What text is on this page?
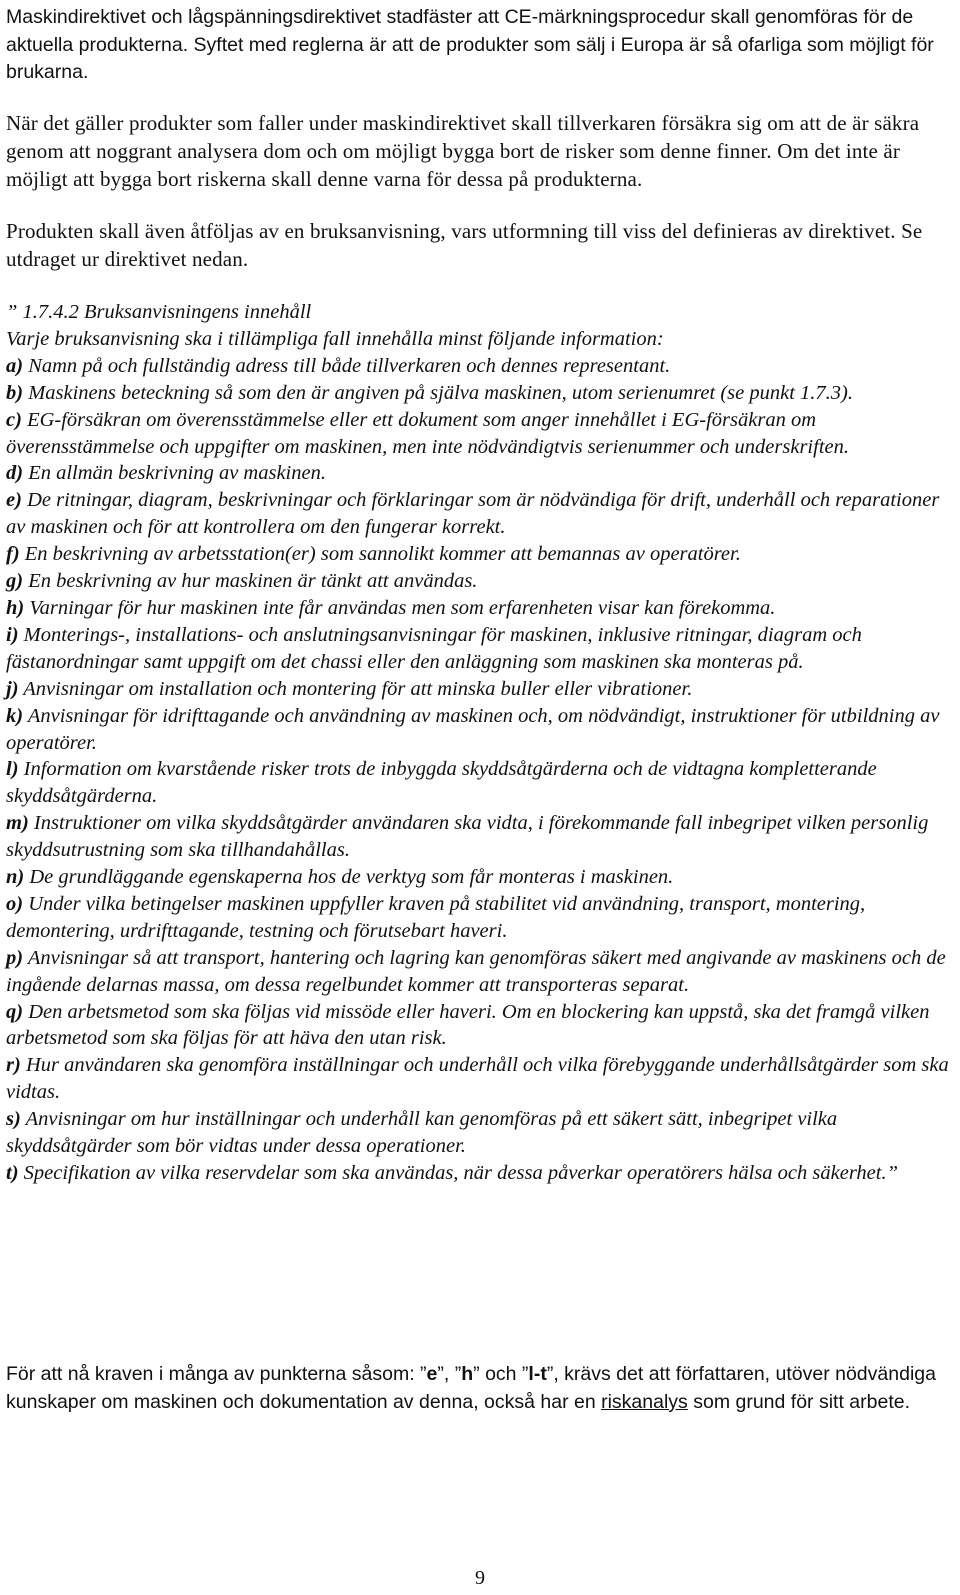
Maskindirektivet och lågspänningsdirektivet stadfäster att CE-märkningsprocedur skall genomföras för de aktuella produkterna. Syftet med reglerna är att de produkter som sälj i Europa är så ofarliga som möjligt för brukarna.
När det gäller produkter som faller under maskindirektivet skall tillverkaren försäkra sig om att de är säkra genom att noggrant analysera dom och om möjligt bygga bort de risker som denne finner. Om det inte är möjligt att bygga bort riskerna skall denne varna för dessa på produkterna.
Produkten skall även åtföljas av en bruksanvisning, vars utformning till viss del definieras av direktivet. Se utdraget ur direktivet nedan.
” 1.7.4.2 Bruksanvisningens innehåll
Varje bruksanvisning ska i tillämpliga fall innehålla minst följande information:
a) Namn på och fullständig adress till både tillverkaren och dennes representant.
b) Maskinens beteckning så som den är angiven på själva maskinen, utom serienumret (se punkt 1.7.3).
c) EG-försäkran om överensstämmelse eller ett dokument som anger innehållet i EG-försäkran om överensstämmelse och uppgifter om maskinen, men inte nödvändigtvis serienummer och underskriften.
d) En allmän beskrivning av maskinen.
e) De ritningar, diagram, beskrivningar och förklaringar som är nödvändiga för drift, underhåll och reparationer av maskinen och för att kontrollera om den fungerar korrekt.
f) En beskrivning av arbetsstation(er) som sannolikt kommer att bemannas av operatörer.
g) En beskrivning av hur maskinen är tänkt att användas.
h) Varningar för hur maskinen inte får användas men som erfarenheten visar kan förekomma.
i) Monterings-, installations- och anslutningsanvisningar för maskinen, inklusive ritningar, diagram och fästanordningar samt uppgift om det chassi eller den anläggning som maskinen ska monteras på.
j) Anvisningar om installation och montering för att minska buller eller vibrationer.
k) Anvisningar för idrifttagande och användning av maskinen och, om nödvändigt, instruktioner för utbildning av operatörer.
l) Information om kvarstående risker trots de inbyggda skyddsåtgärderna och de vidtagna kompletterande skyddsåtgärderna.
m) Instruktioner om vilka skyddsåtgärder användaren ska vidta, i förekommande fall inbegripet vilken personlig skyddsutrustning som ska tillhandahållas.
n) De grundläggande egenskaperna hos de verktyg som får monteras i maskinen.
o) Under vilka betingelser maskinen uppfyller kraven på stabilitet vid användning, transport, montering, demontering, urdrifttagande, testning och förutsebart haveri.
p) Anvisningar så att transport, hantering och lagring kan genomföras säkert med angivande av maskinens och de ingående delarnas massa, om dessa regelbundet kommer att transporteras separat.
q) Den arbetsmetod som ska följas vid missöde eller haveri. Om en blockering kan uppstå, ska det framgå vilken arbetsmetod som ska följas för att häva den utan risk.
r) Hur användaren ska genomföra inställningar och underhåll och vilka förebyggande underhållsåtgärder som ska vidtas.
s) Anvisningar om hur inställningar och underhåll kan genomföras på ett säkert sätt, inbegripet vilka skyddsåtgärder som bör vidtas under dessa operationer.
t) Specifikation av vilka reservdelar som ska användas, när dessa påverkar operatörers hälsa och säkerhet.”
För att nå kraven i många av punkterna såsom: ”e”, ”h” och ”l-t”, krävs det att författaren, utöver nödvändiga kunskaper om maskinen och dokumentation av denna, också har en riskanalys som grund för sitt arbete.
9
